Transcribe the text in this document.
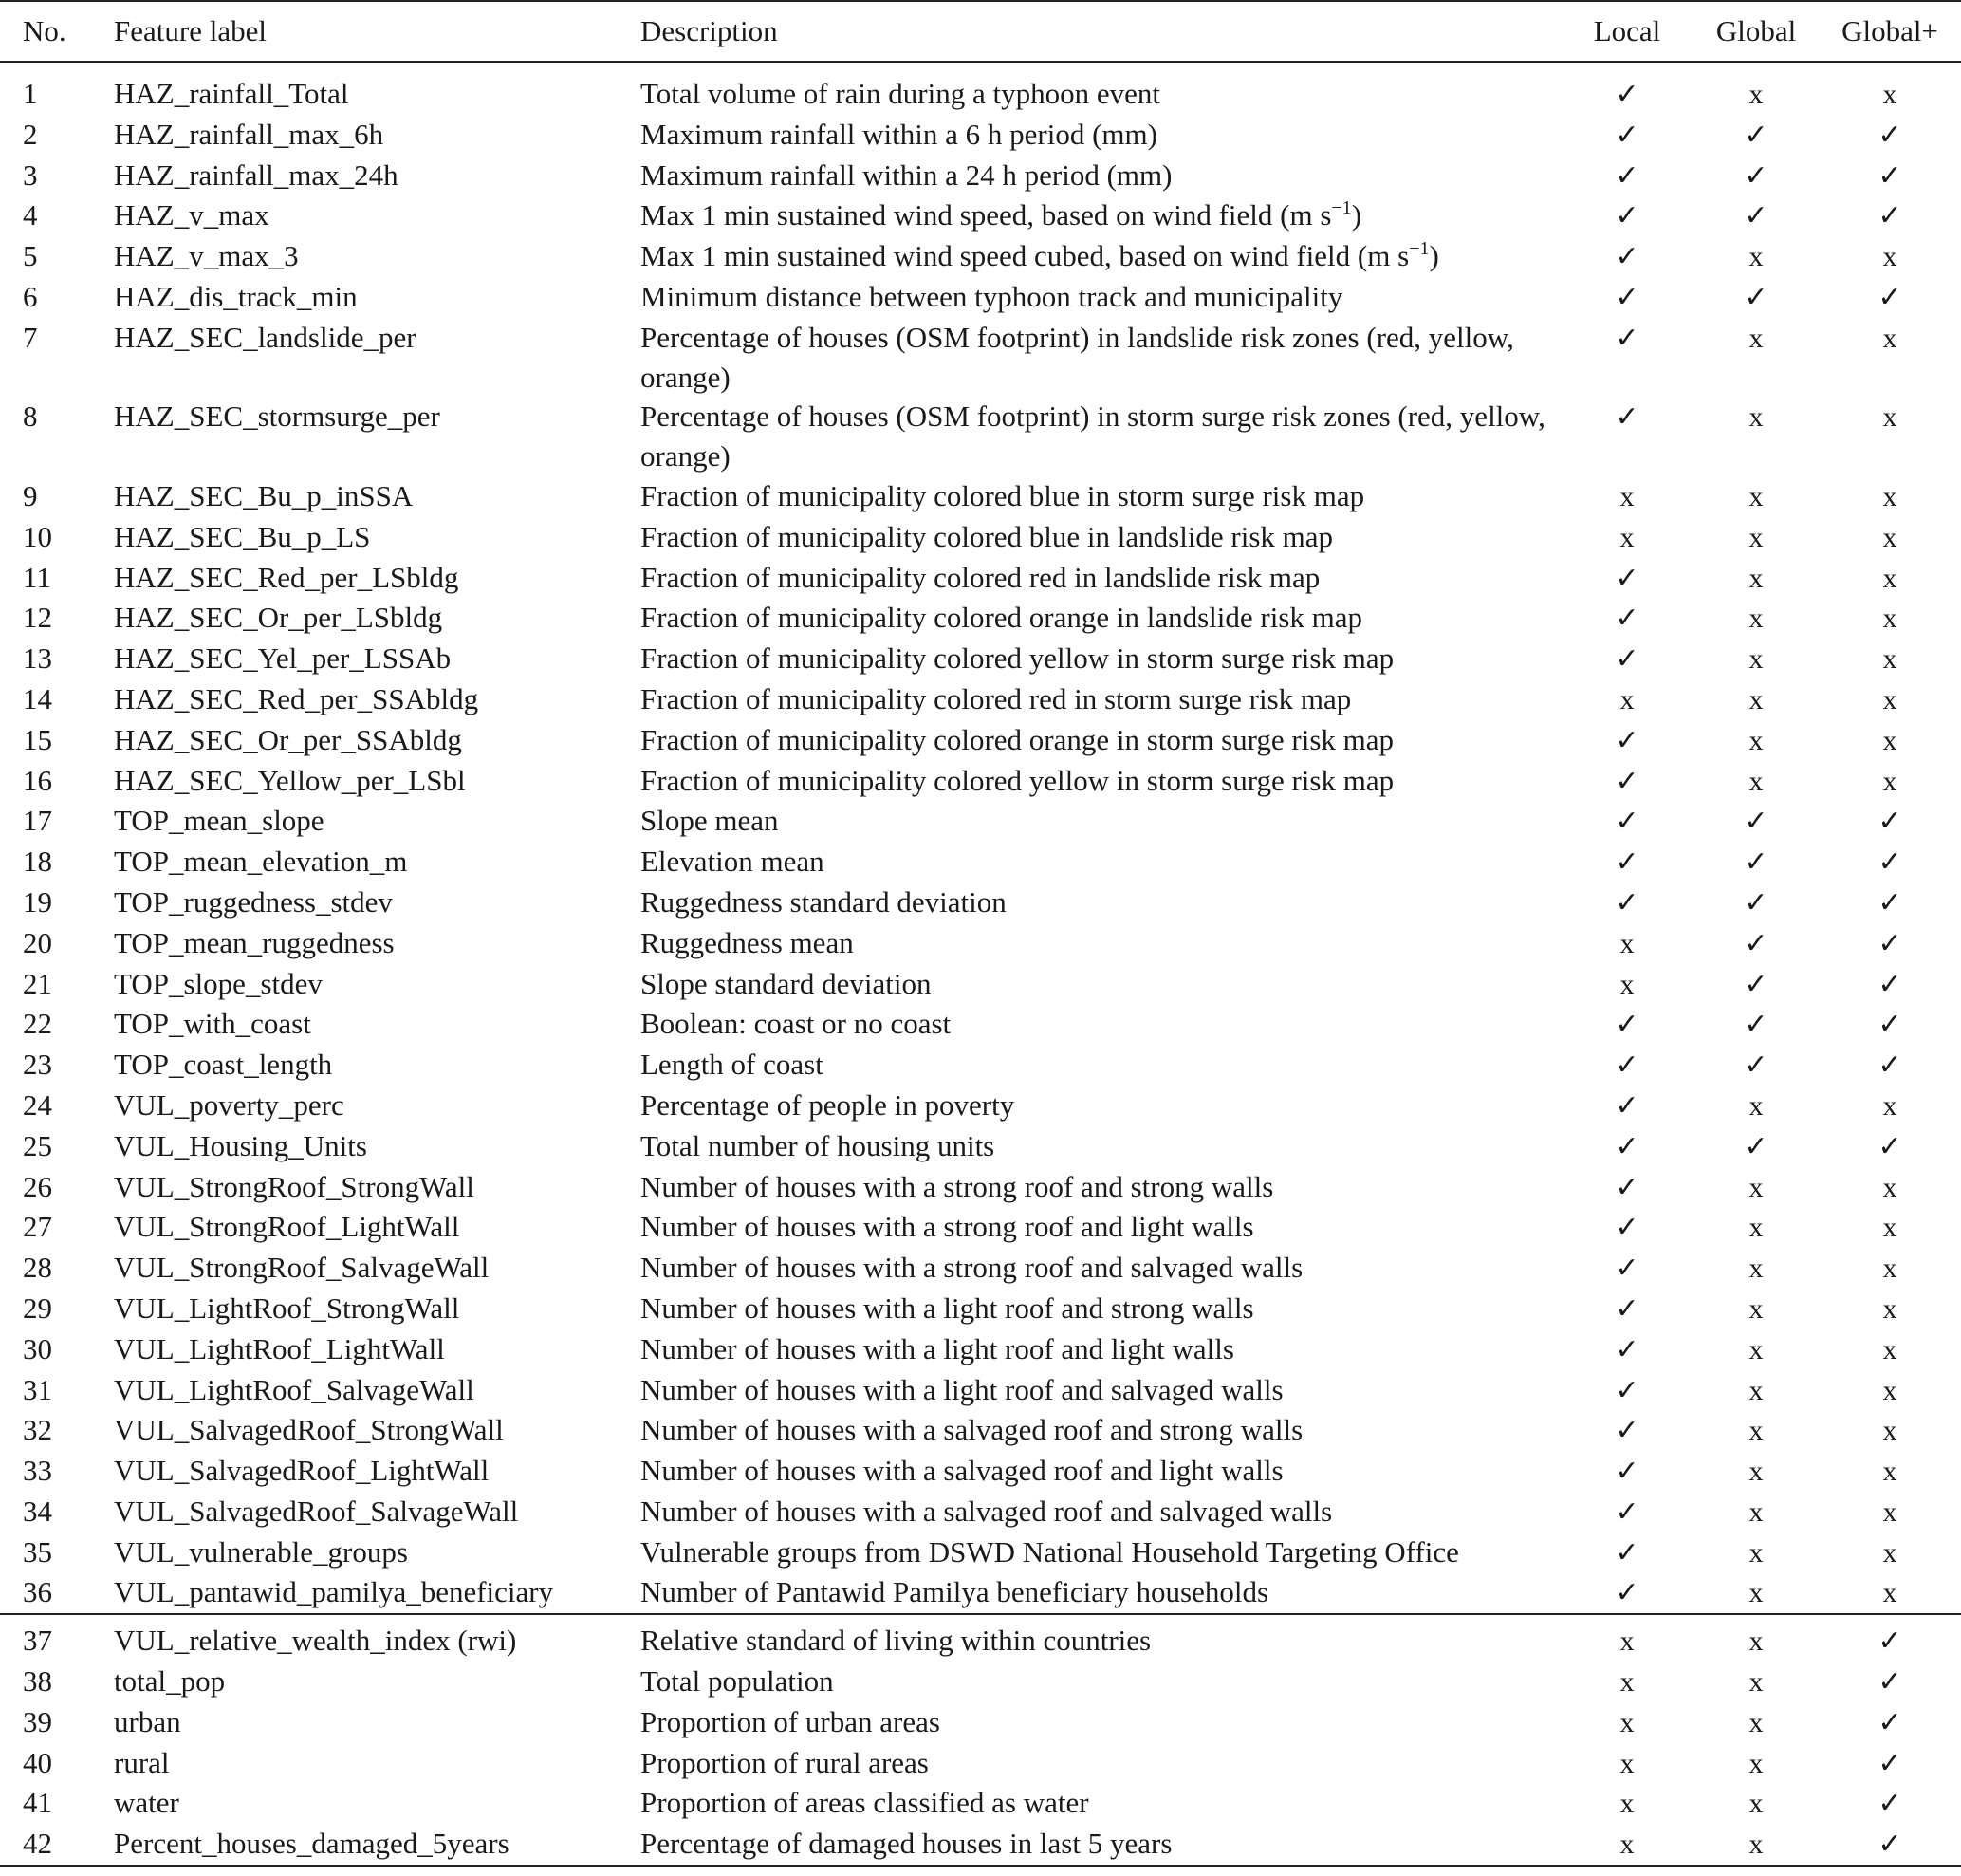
No.	Feature label	Description	Local	Global	Global+
1	HAZ_rainfall_Total	Total volume of rain during a typhoon event	✓	x	x
2	HAZ_rainfall_max_6h	Maximum rainfall within a 6 h period (mm)	✓	✓	✓
3	HAZ_rainfall_max_24h	Maximum rainfall within a 24 h period (mm)	✓	✓	✓
4	HAZ_v_max	Max 1 min sustained wind speed, based on wind field (m $s^{-1}$)	✓	✓	✓
5	HAZ_v_max_3	Max 1 min sustained wind speed cubed, based on wind field (m $s^{-1}$)	✓	x	x
6	HAZ_dis_track_min	Minimum distance between typhoon track and municipality	✓	✓	✓
7	HAZ_SEC_landslide_per	Percentage of houses (OSM footprint) in landslide risk zones (red, yellow, orange)	✓	x	x
8	HAZ_SEC_stormsurge_per	Percentage of houses (OSM footprint) in storm surge risk zones (red, yellow, orange)	✓	x	x
9	HAZ_SEC_Bu_p_inSSA	Fraction of municipality colored blue in storm surge risk map	x	x	x
10	HAZ_SEC_Bu_p_LS	Fraction of municipality colored blue in landslide risk map	x	x	x
11	HAZ_SEC_Red_per_LSbldg	Fraction of municipality colored red in landslide risk map	✓	x	x
12	HAZ_SEC_Or_per_LSbldg	Fraction of municipality colored orange in landslide risk map	✓	x	x
13	HAZ_SEC_Yel_per_LSSAb	Fraction of municipality colored yellow in storm surge risk map	✓	x	x
14	HAZ_SEC_Red_per_SSAbldg	Fraction of municipality colored red in storm surge risk map	x	x	x
15	HAZ_SEC_Or_per_SSAbldg	Fraction of municipality colored orange in storm surge risk map	✓	x	x
16	HAZ_SEC_Yellow_per_LSbl	Fraction of municipality colored yellow in storm surge risk map	✓	x	x
17	TOP_mean_slope	Slope mean	✓	✓	✓
18	TOP_mean_elevation_m	Elevation mean	✓	✓	✓
19	TOP_ruggedness_stdev	Ruggedness standard deviation	✓	✓	✓
20	TOP_mean_ruggedness	Ruggedness mean	x	✓	✓
21	TOP_slope_stdev	Slope standard deviation	x	✓	✓
22	TOP_with_coast	Boolean: coast or no coast	✓	✓	✓
23	TOP_coast_length	Length of coast	✓	✓	✓
24	VUL_poverty_perc	Percentage of people in poverty	✓	x	x
25	VUL_Housing_Units	Total number of housing units	✓	✓	✓
26	VUL_StrongRoof_StrongWall	Number of houses with a strong roof and strong walls	✓	x	x
27	VUL_StrongRoof_LightWall	Number of houses with a strong roof and light walls	✓	x	x
28	VUL_StrongRoof_SalvageWall	Number of houses with a strong roof and salvaged walls	✓	x	x
29	VUL_LightRoof_StrongWall	Number of houses with a light roof and strong walls	✓	x	x
30	VUL_LightRoof_LightWall	Number of houses with a light roof and light walls	✓	x	x
31	VUL_LightRoof_SalvageWall	Number of houses with a light roof and salvaged walls	✓	x	x
32	VUL_SalvagedRoof_StrongWall	Number of houses with a salvaged roof and strong walls	✓	x	x
33	VUL_SalvagedRoof_LightWall	Number of houses with a salvaged roof and light walls	✓	x	x
34	VUL_SalvagedRoof_SalvageWall	Number of houses with a salvaged roof and salvaged walls	✓	x	x
35	VUL_vulnerable_groups	Vulnerable groups from DSWD National Household Targeting Office	✓	x	x
36	VUL_pantawid_pamilya_beneficiary	Number of Pantawid Pamilya beneficiary households	✓	x	x
37	VUL_relative_wealth_index (rwi)	Relative standard of living within countries	x	x	✓
38	total_pop	Total population	x	x	✓
39	urban	Proportion of urban areas	x	x	✓
40	rural	Proportion of rural areas	x	x	✓
41	water	Proportion of areas classified as water	x	x	✓
42	Percent_houses_damaged_5years	Percentage of damaged houses in last 5 years	x	x	✓
